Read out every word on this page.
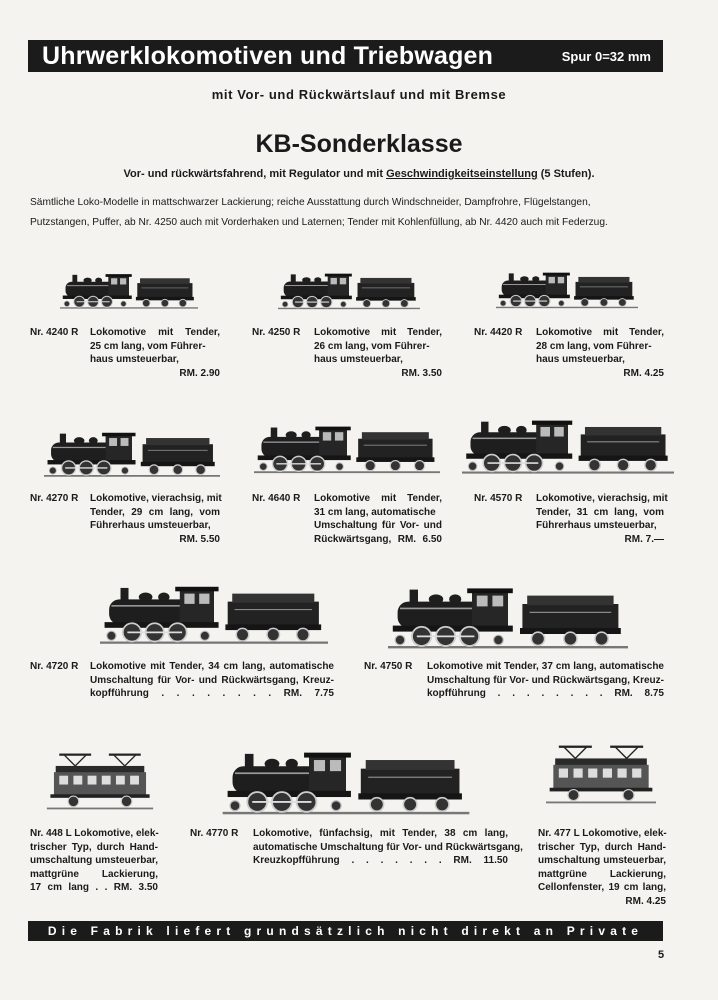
Uhrwerklokomotiven und Triebwagen	Spur 0=32 mm
mit Vor- und Rückwärtslauf und mit Bremse
KB-Sonderklasse
Vor- und rückwärtsfahrend, mit Regulator und mit Geschwindigkeitseinstellung (5 Stufen).
Sämtliche Loko-Modelle in mattschwarzer Lackierung; reiche Ausstattung durch Windschneider, Dampfrohre, Flügelstangen,
Putzstangen, Puffer, ab Nr. 4250 auch mit Vorderhaken und Laternen; Tender mit Kohlenfüllung, ab Nr. 4420 auch mit Federzug.
Nr. 4240 R Lokomotive mit Tender,
25 cm lang, vom Führer-
haus umsteuerbar,
RM. 2.90
Nr. 4250 R Lokomotive mit Tender,
26 cm lang, vom Führer-
haus umsteuerbar,
RM. 3.50
Nr. 4420 R Lokomotive mit Tender,
28 cm lang, vom Führer-
haus umsteuerbar,
RM. 4.25
Nr. 4270 R Lokomotive, vierachsig, mit
Tender, 29 cm lang, vom
Führerhaus umsteuerbar,
RM. 5.50
Nr. 4640 R Lokomotive mit Tender,
31 cm lang, automatische
Umschaltung für Vor- und
Rückwärtsgang, RM. 6.50
Nr. 4570 R Lokomotive, vierachsig, mit
Tender, 31 cm lang, vom
Führerhaus umsteuerbar,
RM. 7.—
Nr. 4720 R Lokomotive mit Tender, 34 cm lang, automatische
Umschaltung für Vor- und Rückwärtsgang, Kreuz-
kopfführung . . . . . . . . RM. 7.75
Nr. 4750 R Lokomotive mit Tender, 37 cm lang, automatische
Umschaltung für Vor- und Rückwärtsgang, Kreuz-
kopfführung . . . . . . . . RM. 8.75
Nr. 448 L Lokomotive, elek-
trischer Typ, durch Hand-
umschaltung umsteuerbar,
mattgrüne Lackierung,
17 cm lang . . RM. 3.50
Nr. 4770 R Lokomotive, fünfachsig, mit Tender, 38 cm lang,
automatische Umschaltung für Vor- und Rückwärtsgang,
Kreuzkopfführung . . . . . . . RM. 11.50
Nr. 477 L Lokomotive, elek-
trischer Typ, durch Hand-
umschaltung umsteuerbar,
mattgrüne Lackierung,
Cellonfenster, 19 cm lang,
RM. 4.25
Die Fabrik liefert grundsätzlich nicht direkt an Private
5
